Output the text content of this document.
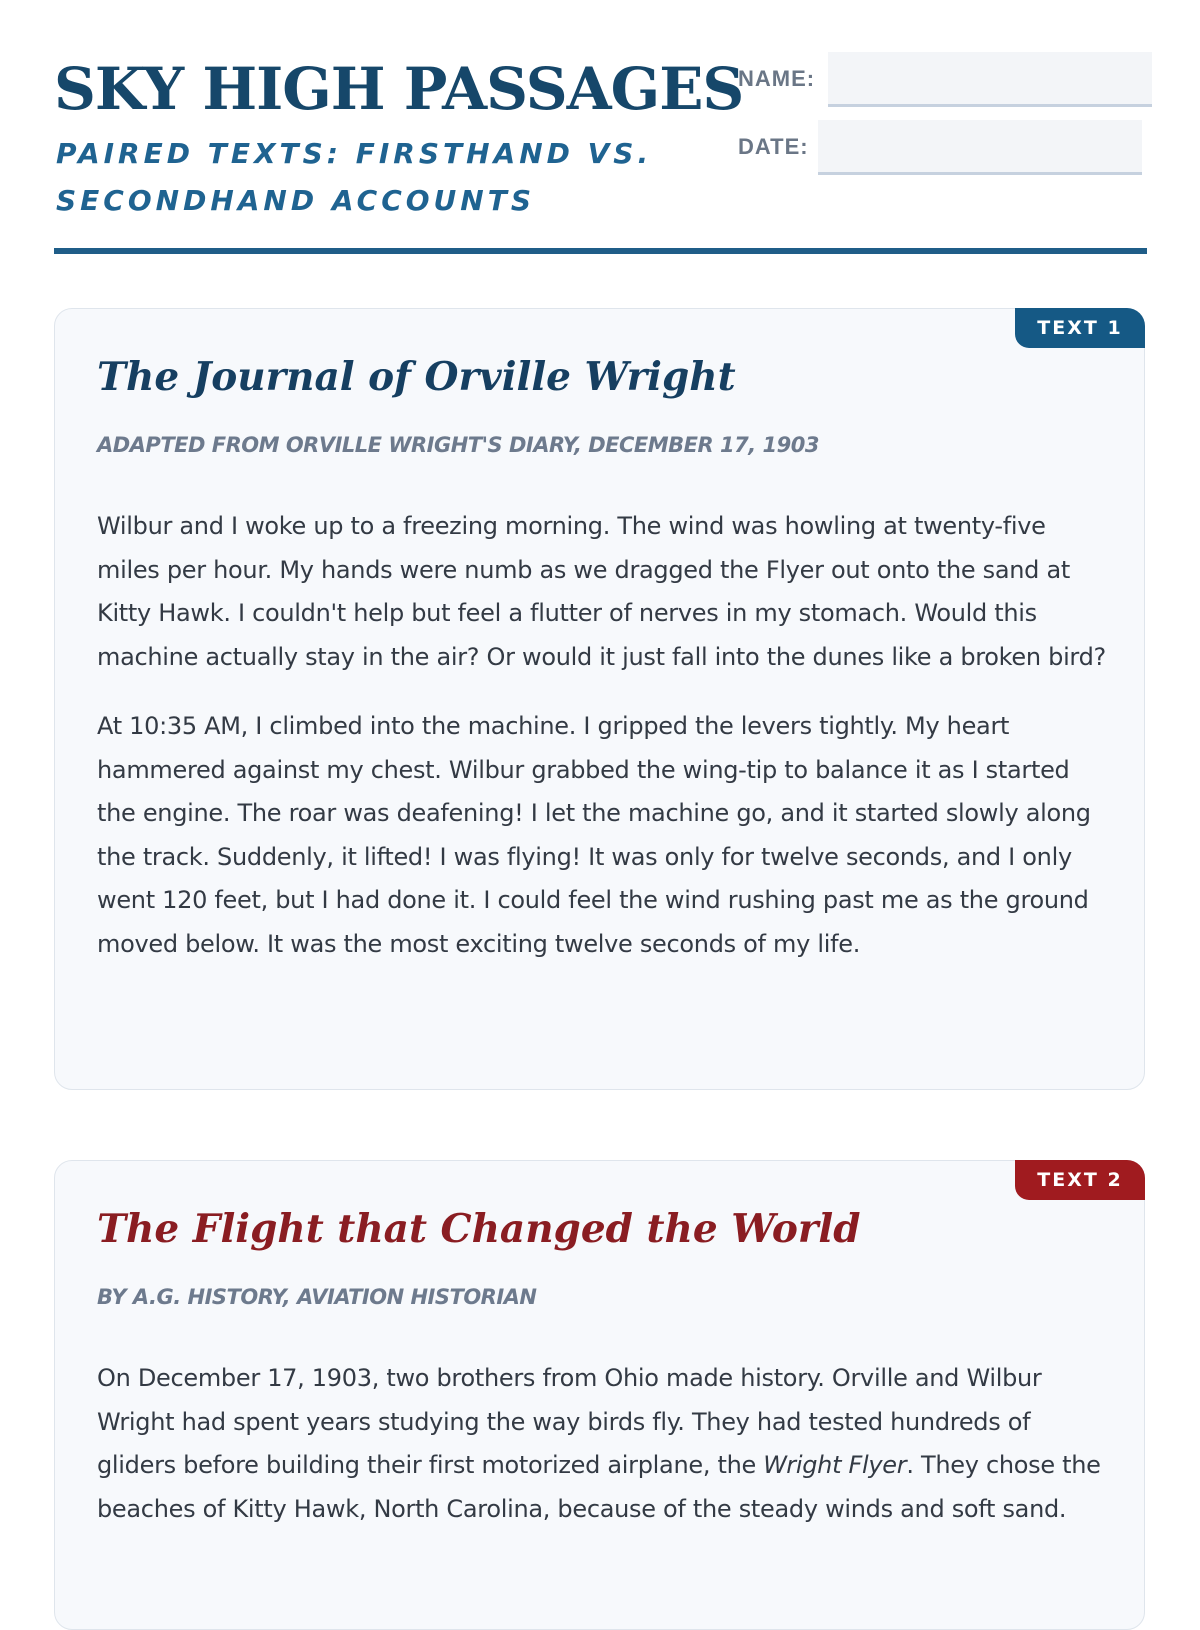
SKY HIGH PASSAGES
PAIRED TEXTS: FIRSTHAND VS. SECONDHAND ACCOUNTS
NAME:
DATE:
TEXT 1
The Journal of Orville Wright
ADAPTED FROM ORVILLE WRIGHT'S DIARY, DECEMBER 17, 1903

Wilbur and I woke up to a freezing morning. The wind was howling at twenty-five miles per hour. My hands were numb as we dragged the Flyer out onto the sand at Kitty Hawk. I couldn't help but feel a flutter of nerves in my stomach. Would this machine actually stay in the air? Or would it just fall into the dunes like a broken bird?

At 10:35 AM, I climbed into the machine. I gripped the levers tightly. My heart hammered against my chest. Wilbur grabbed the wing-tip to balance it as I started the engine. The roar was deafening! I let the machine go, and it started slowly along the track. Suddenly, it lifted! I was flying! It was only for twelve seconds, and I only went 120 feet, but I had done it. I could feel the wind rushing past me as the ground moved below. It was the most exciting twelve seconds of my life.

TEXT 2
The Flight that Changed the World
BY A.G. HISTORY, AVIATION HISTORIAN

On December 17, 1903, two brothers from Ohio made history. Orville and Wilbur Wright had spent years studying the way birds fly. They had tested hundreds of gliders before building their first motorized airplane, the Wright Flyer. They chose the beaches of Kitty Hawk, North Carolina, because of the steady winds and soft sand.
